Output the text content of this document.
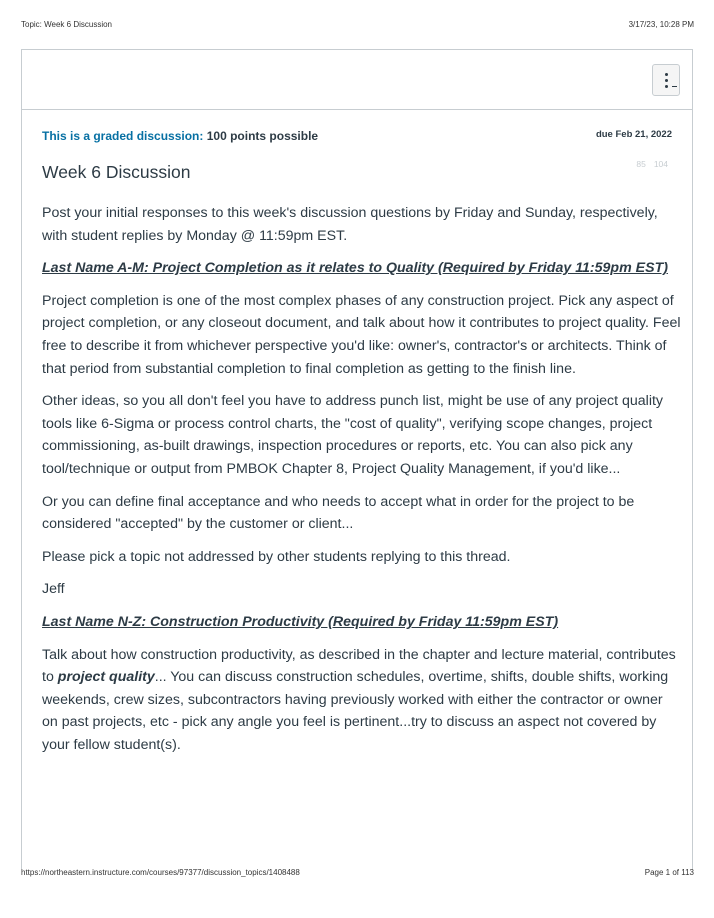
Topic: Week 6 Discussion	3/17/23, 10:28 PM
This is a graded discussion: 100 points possible	due Feb 21, 2022
85 104
Week 6 Discussion

Post your initial responses to this week's discussion questions by Friday and Sunday, respectively, with student replies by Monday @ 11:59pm EST.

Last Name A-M: Project Completion as it relates to Quality (Required by Friday 11:59pm EST)

Project completion is one of the most complex phases of any construction project. Pick any aspect of project completion, or any closeout document, and talk about how it contributes to project quality. Feel free to describe it from whichever perspective you'd like: owner's, contractor's or architects. Think of that period from substantial completion to final completion as getting to the finish line.

Other ideas, so you all don't feel you have to address punch list, might be use of any project quality tools like 6-Sigma or process control charts, the "cost of quality", verifying scope changes, project commissioning, as-built drawings, inspection procedures or reports, etc. You can also pick any tool/technique or output from PMBOK Chapter 8, Project Quality Management, if you'd like...

Or you can define final acceptance and who needs to accept what in order for the project to be considered "accepted" by the customer or client...

Please pick a topic not addressed by other students replying to this thread.

Jeff

Last Name N-Z: Construction Productivity (Required by Friday 11:59pm EST)

Talk about how construction productivity, as described in the chapter and lecture material, contributes to project quality... You can discuss construction schedules, overtime, shifts, double shifts, working weekends, crew sizes, subcontractors having previously worked with either the contractor or owner on past projects, etc - pick any angle you feel is pertinent...try to discuss an aspect not covered by your fellow student(s).

https://northeastern.instructure.com/courses/97377/discussion_topics/1408488	Page 1 of 113
